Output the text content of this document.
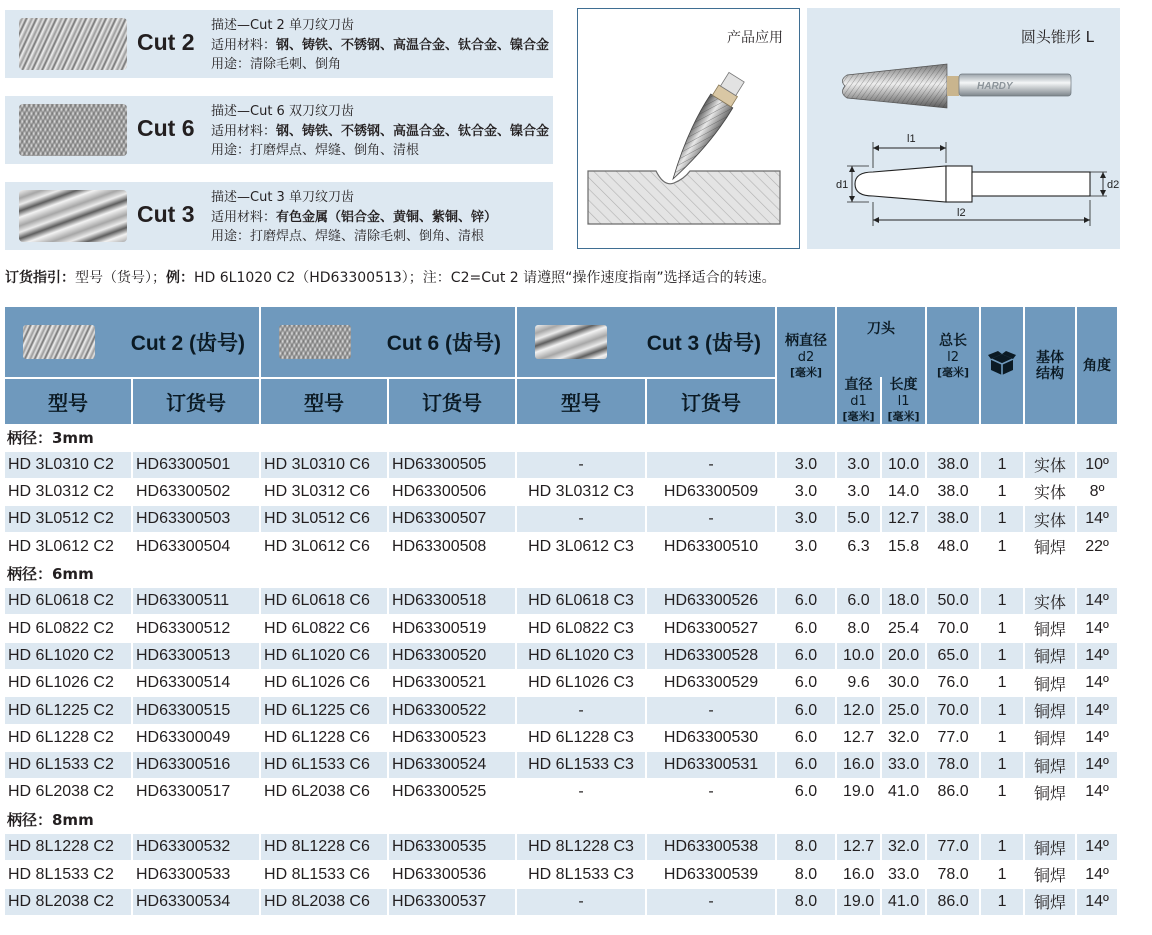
Cut 2
描述—Cut 2 单刀纹刀齿
适用材料：钢、铸铁、不锈钢、高温合金、钛合金、镍合金
用途：清除毛刺、倒角
Cut 6
描述—Cut 6 双刀纹刀齿
适用材料：钢、铸铁、不锈钢、高温合金、钛合金、镍合金
用途：打磨焊点、焊缝、倒角、清根
Cut 3
描述—Cut 3 单刀纹刀齿
适用材料：有色金属（铝合金、黄铜、紫铜、锌）
用途：打磨焊点、焊缝、清除毛刺、倒角、清根
产品应用	圆头锥形 L
HARDY
l1
l2
d1	d2
订货指引：型号（货号）；例：HD 6L1020 C2（HD63300513）；注：C2=Cut 2 请遵照“操作速度指南”选择适合的转速。
Cut 2 (齿号)		Cut 6 (齿号)		Cut 3 (齿号)		柄直径
d2
[毫米]	刀头		总长
l2
[毫米]		基体结构	角度
型号	订货号	型号	订货号	型号	订货号		直径
d1
[毫米]	长度
l1
[毫米]				

柄径：3mm												
HD 3L0310 C2	HD63300501	HD 3L0310 C6	HD63300505	-	-	3.0	3.0	10.0	38.0	1	实体	10º
HD 3L0312 C2	HD63300502	HD 3L0312 C6	HD63300506	HD 3L0312 C3	HD63300509	3.0	3.0	14.0	38.0	1	实体	8º
HD 3L0512 C2	HD63300503	HD 3L0512 C6	HD63300507	-	-	3.0	5.0	12.7	38.0	1	实体	14º
HD 3L0612 C2	HD63300504	HD 3L0612 C6	HD63300508	HD 3L0612 C3	HD63300510	3.0	6.3	15.8	48.0	1	铜焊	22º
柄径：6mm												
HD 6L0618 C2	HD63300511	HD 6L0618 C6	HD63300518	HD 6L0618 C3	HD63300526	6.0	6.0	18.0	50.0	1	实体	14º
HD 6L0822 C2	HD63300512	HD 6L0822 C6	HD63300519	HD 6L0822 C3	HD63300527	6.0	8.0	25.4	70.0	1	铜焊	14º
HD 6L1020 C2	HD63300513	HD 6L1020 C6	HD63300520	HD 6L1020 C3	HD63300528	6.0	10.0	20.0	65.0	1	铜焊	14º
HD 6L1026 C2	HD63300514	HD 6L1026 C6	HD63300521	HD 6L1026 C3	HD63300529	6.0	9.6	30.0	76.0	1	铜焊	14º
HD 6L1225 C2	HD63300515	HD 6L1225 C6	HD63300522	-	-	6.0	12.0	25.0	70.0	1	铜焊	14º
HD 6L1228 C2	HD63300049	HD 6L1228 C6	HD63300523	HD 6L1228 C3	HD63300530	6.0	12.7	32.0	77.0	1	铜焊	14º
HD 6L1533 C2	HD63300516	HD 6L1533 C6	HD63300524	HD 6L1533 C3	HD63300531	6.0	16.0	33.0	78.0	1	铜焊	14º
HD 6L2038 C2	HD63300517	HD 6L2038 C6	HD63300525	-	-	6.0	19.0	41.0	86.0	1	铜焊	14º
柄径：8mm												
HD 8L1228 C2	HD63300532	HD 8L1228 C6	HD63300535	HD 8L1228 C3	HD63300538	8.0	12.7	32.0	77.0	1	铜焊	14º
HD 8L1533 C2	HD63300533	HD 8L1533 C6	HD63300536	HD 8L1533 C3	HD63300539	8.0	16.0	33.0	78.0	1	铜焊	14º
HD 8L2038 C2	HD63300534	HD 8L2038 C6	HD63300537	-	-	8.0	19.0	41.0	86.0	1	铜焊	14º
